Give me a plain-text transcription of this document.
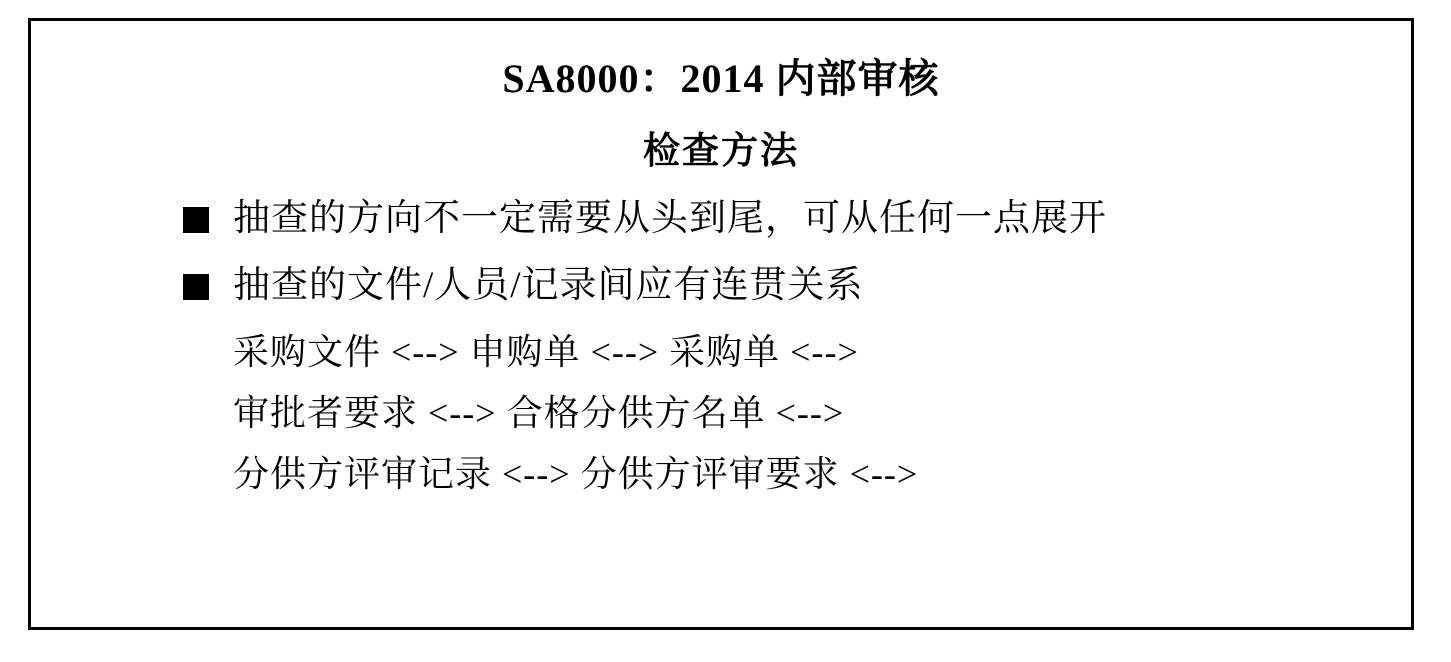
SA8000：2014 内部审核
检查方法
抽查的方向不一定需要从头到尾，可从任何一点展开
抽查的文件/人员/记录间应有连贯关系
采购文件 <--> 申购单 <--> 采购单 <-->
审批者要求 <--> 合格分供方名单 <-->
分供方评审记录 <--> 分供方评审要求 <-->
